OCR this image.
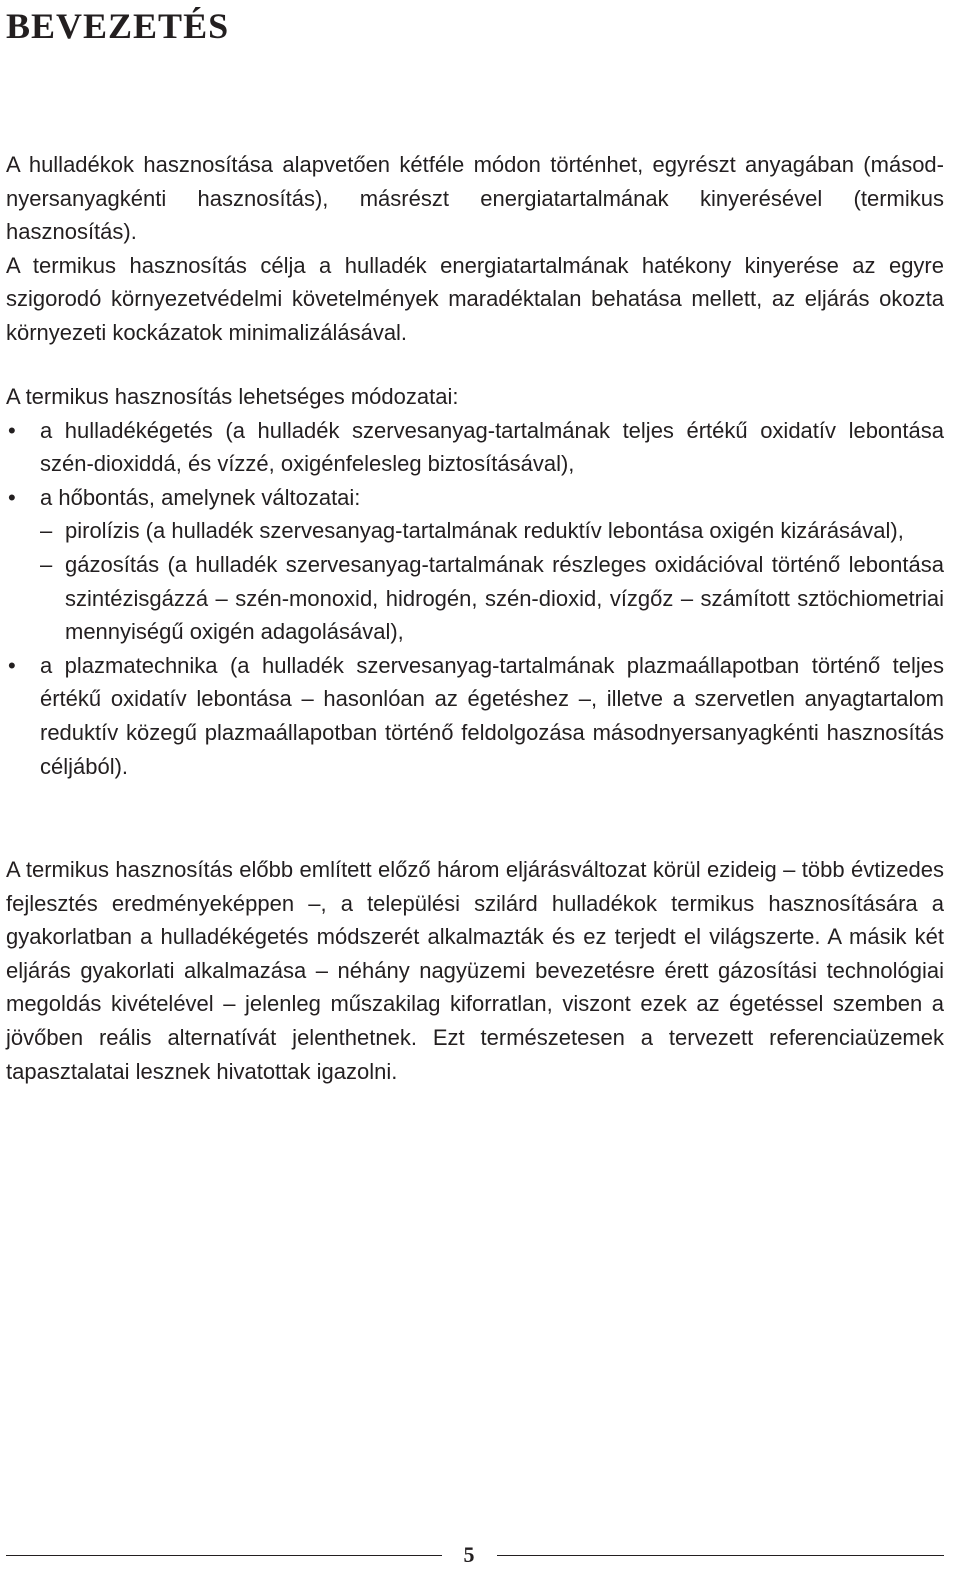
BEVEZETÉS

A hulladékok hasznosítása alapvetően kétféle módon történhet, egyrészt anyagában (másod-nyersanyagkénti hasznosítás), másrészt energiatartalmának kinyerésével (termikus hasznosítás).

A termikus hasznosítás célja a hulladék energiatartalmának hatékony kinyerése az egyre szigorodó környezetvédelmi követelmények maradéktalan behatása mellett, az eljárás okozta környezeti kockázatok minimalizálásával.

A termikus hasznosítás lehetséges módozatai:

• a hulladékégetés (a hulladék szervesanyag-tartalmának teljes értékű oxidatív lebontása szén-dioxiddá, és vízzé, oxigénfelesleg biztosításával),
• a hőbontás, amelynek változatai:
– pirolízis (a hulladék szervesanyag-tartalmának reduktív lebontása oxigén kizárásával),
– gázosítás (a hulladék szervesanyag-tartalmának részleges oxidációval történő lebontása szintézisgázzá – szén-monoxid, hidrogén, szén-dioxid, vízgőz – számított sztöchiometriai mennyiségű oxigén adagolásával),
• a plazmatechnika (a hulladék szervesanyag-tartalmának plazmaállapotban történő teljes értékű oxidatív lebontása – hasonlóan az égetéshez –, illetve a szervetlen anyagtartalom reduktív közegű plazmaállapotban történő feldolgozása másodnyersanyagkénti hasznosítás céljából).

A termikus hasznosítás előbb említett előző három eljárásváltozat körül ezideig – több évtizedes fejlesztés eredményeképpen –, a települési szilárd hulladékok termikus hasznosítására a gyakorlatban a hulladékégetés módszerét alkalmazták és ez terjedt el világszerte. A másik két eljárás gyakorlati alkalmazása – néhány nagyüzemi bevezetésre érett gázosítási technológiai megoldás kivételével – jelenleg műszakilag kiforratlan, viszont ezek az égetéssel szemben a jövőben reális alternatívát jelenthetnek. Ezt természetesen a tervezett referenciaüzemek tapasztalatai lesznek hivatottak igazolni.

5
